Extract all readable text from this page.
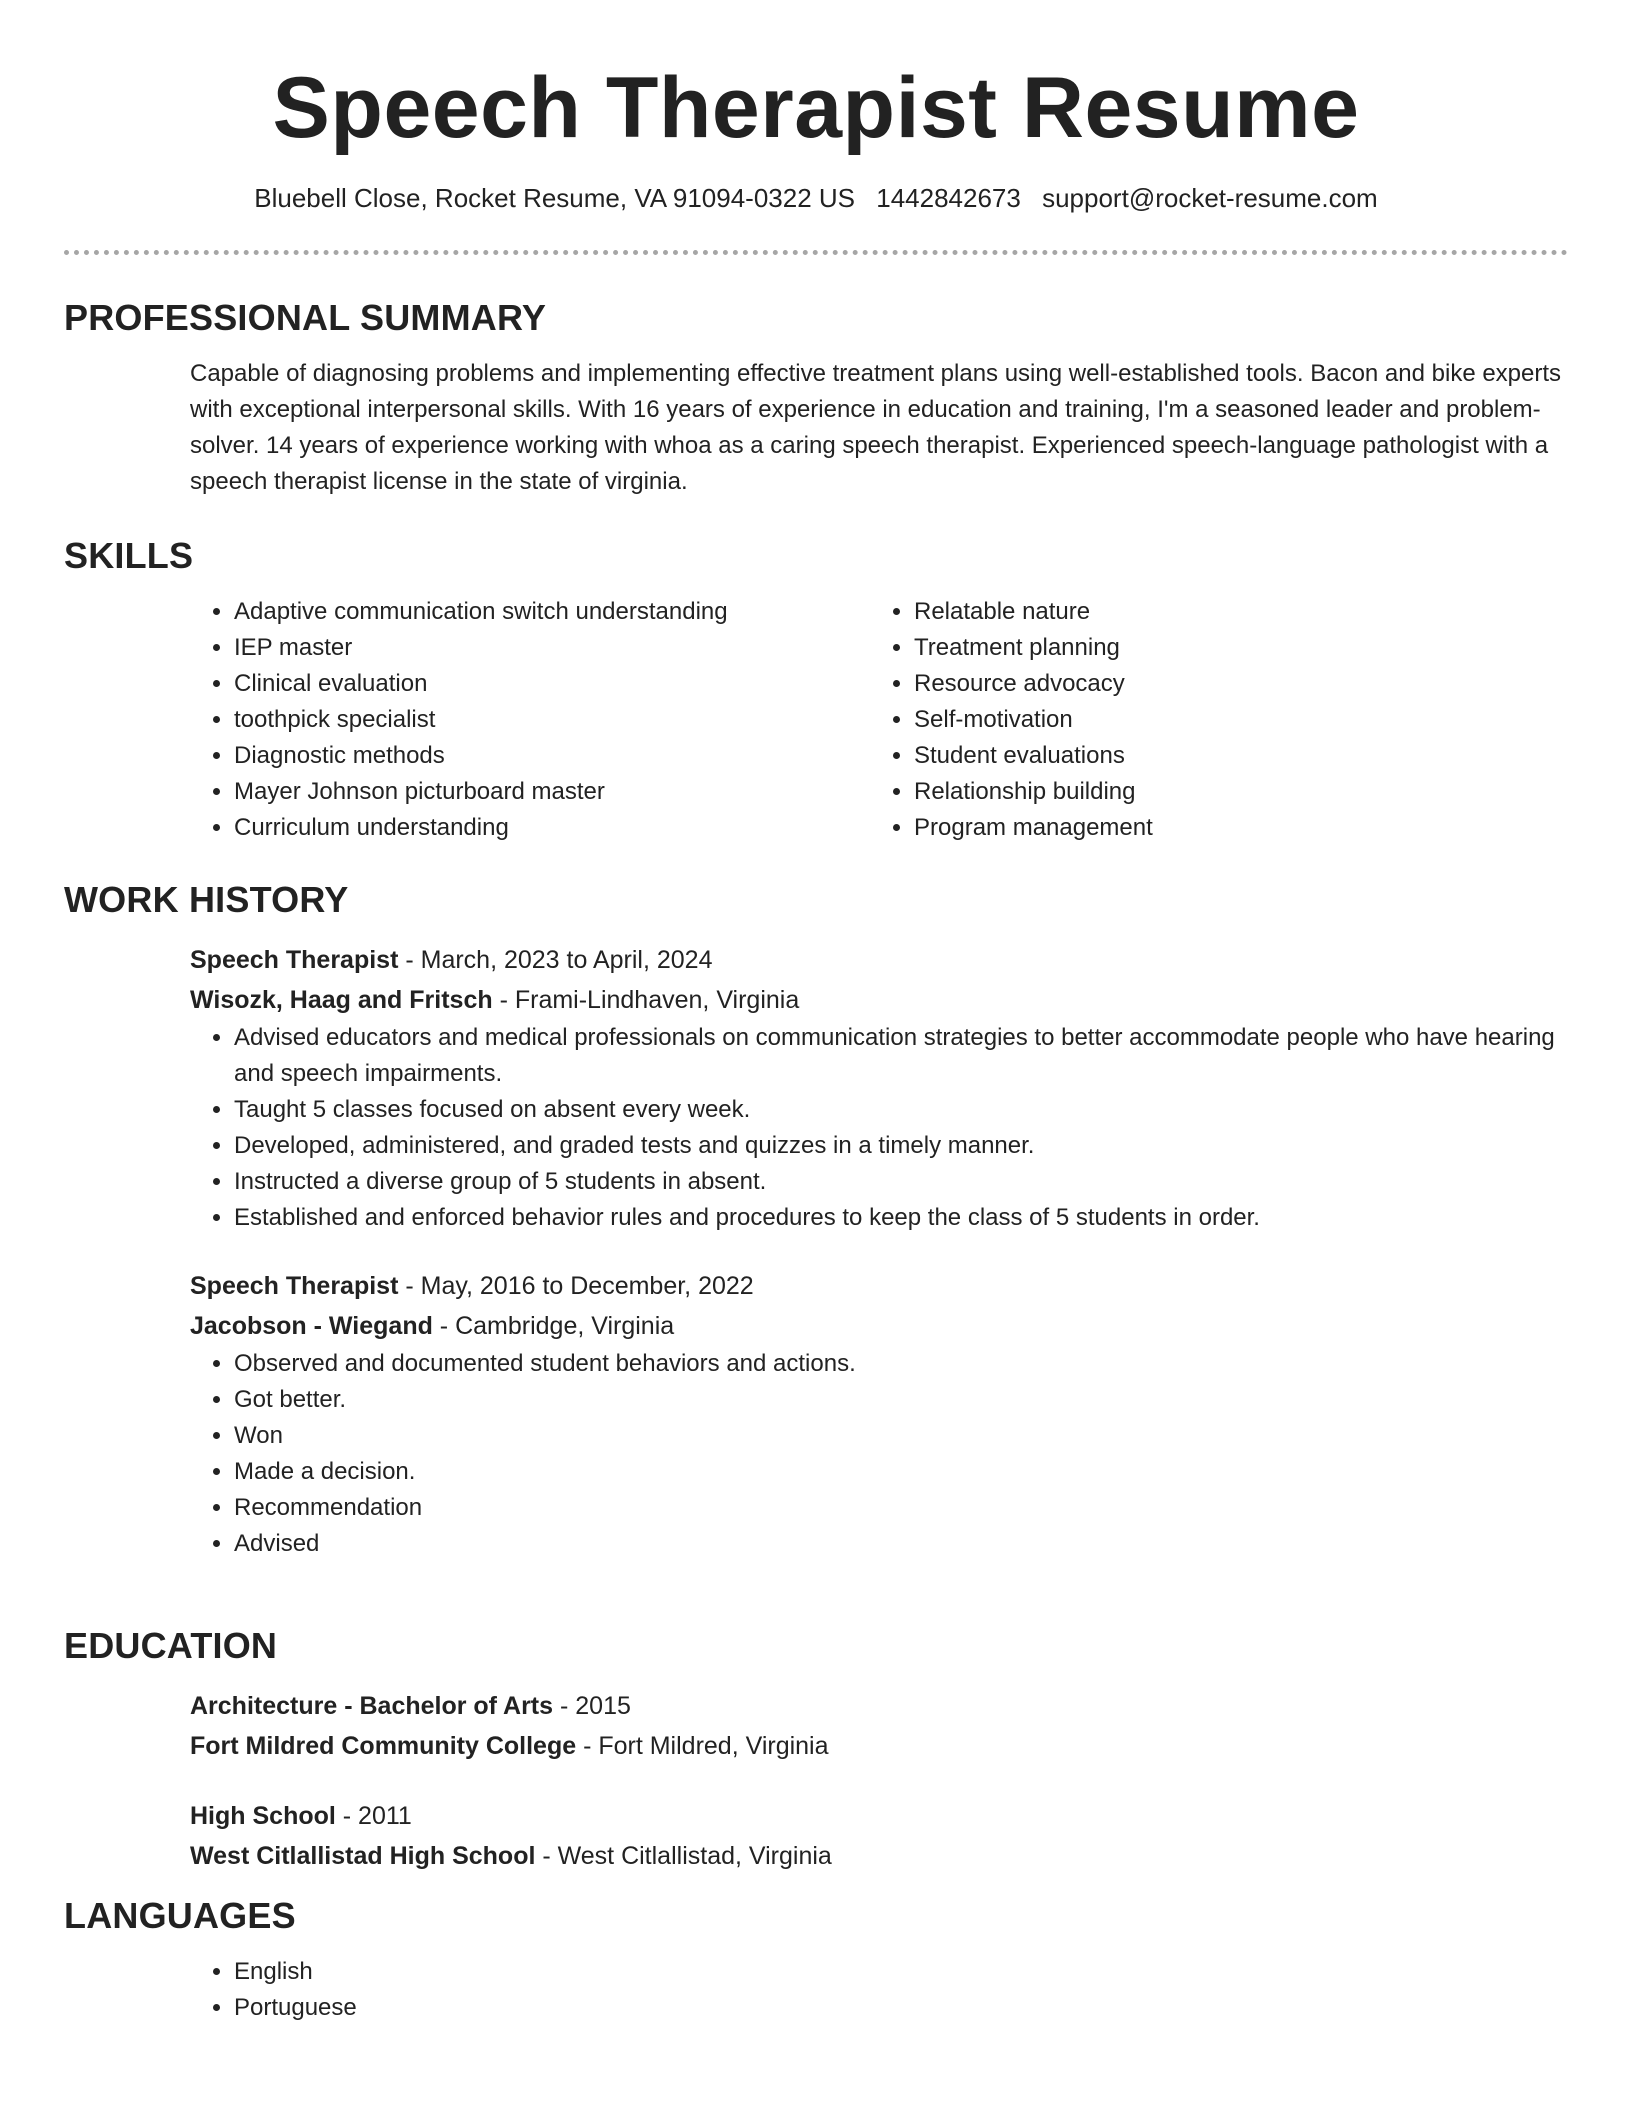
Speech Therapist Resume
Bluebell Close, Rocket Resume, VA 91094-0322 US 1442842673 support@rocket-resume.com
PROFESSIONAL SUMMARY

Capable of diagnosing problems and implementing effective treatment plans using well-established tools. Bacon and bike experts with exceptional interpersonal skills. With 16 years of experience in education and training, I'm a seasoned leader and problem-solver. 14 years of experience working with whoa as a caring speech therapist. Experienced speech-language pathologist with a speech therapist license in the state of virginia.

SKILLS
• Adaptive communication switch understanding
• IEP master
• Clinical evaluation
• toothpick specialist
• Diagnostic methods
• Mayer Johnson picturboard master
• Curriculum understanding
• Relatable nature
• Treatment planning
• Resource advocacy
• Self-motivation
• Student evaluations
• Relationship building
• Program management
WORK HISTORY
Speech Therapist - March, 2023 to April, 2024
Wisozk, Haag and Fritsch - Frami-Lindhaven, Virginia
• Advised educators and medical professionals on communication strategies to better accommodate people who have hearing and speech impairments.
• Taught 5 classes focused on absent every week.
• Developed, administered, and graded tests and quizzes in a timely manner.
• Instructed a diverse group of 5 students in absent.
• Established and enforced behavior rules and procedures to keep the class of 5 students in order.
Speech Therapist - May, 2016 to December, 2022
Jacobson - Wiegand - Cambridge, Virginia
• Observed and documented student behaviors and actions.
• Got better.
• Won
• Made a decision.
• Recommendation
• Advised
EDUCATION
Architecture - Bachelor of Arts - 2015
Fort Mildred Community College - Fort Mildred, Virginia
High School - 2011
West Citlallistad High School - West Citlallistad, Virginia
LANGUAGES
• English
• Portuguese
